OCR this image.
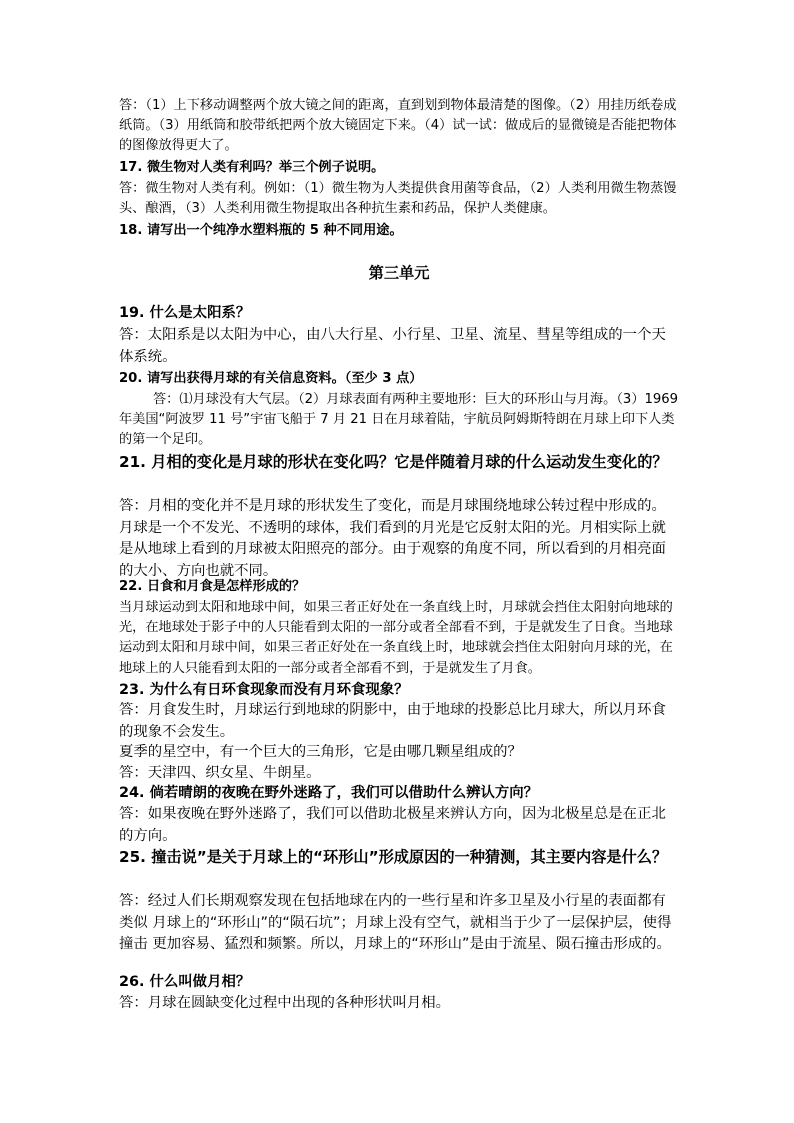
答：（1）上下移动调整两个放大镜之间的距离，直到划到物体最清楚的图像。（2）用挂历纸卷成纸筒。（3）用纸筒和胶带纸把两个放大镜固定下来。（4）试一试：做成后的显微镜是否能把物体的图像放得更大了。

17. 微生物对人类有利吗？举三个例子说明。

答：微生物对人类有利。例如：（1）微生物为人类提供食用菌等食品，（2）人类利用微生物蒸馒头、酿酒，（3）人类利用微生物提取出各种抗生素和药品，保护人类健康。

18. 请写出一个纯净水塑料瓶的 5 种不同用途。

第三单元

19. 什么是太阳系？

答：太阳系是以太阳为中心，由八大行星、小行星、卫星、流星、彗星等组成的一个天体系统。

20. 请写出获得月球的有关信息资料。（至少 3 点）

答：⑴月球没有大气层。（2）月球表面有两种主要地形：巨大的环形山与月海。（3）1969 年美国“阿波罗 11 号”宇宙飞船于 7 月 21 日在月球着陆，宇航员阿姆斯特朗在月球上印下人类的第一个足印。

21. 月相的变化是月球的形状在变化吗？它是伴随着月球的什么运动发生变化的？

答：月相的变化并不是月球的形状发生了变化，而是月球围绕地球公转过程中形成的。月球是一个不发光、不透明的球体，我们看到的月光是它反射太阳的光。月相实际上就是从地球上看到的月球被太阳照亮的部分。由于观察的角度不同，所以看到的月相亮面的大小、方向也就不同。

22. 日食和月食是怎样形成的？

当月球运动到太阳和地球中间，如果三者正好处在一条直线上时，月球就会挡住太阳射向地球的光，在地球处于影子中的人只能看到太阳的一部分或者全部看不到，于是就发生了日食。当地球运动到太阳和月球中间，如果三者正好处在一条直线上时，地球就会挡住太阳射向月球的光，在地球上的人只能看到太阳的一部分或者全部看不到，于是就发生了月食。

23. 为什么有日环食现象而没有月环食现象？

答：月食发生时，月球运行到地球的阴影中，由于地球的投影总比月球大，所以月环食的现象不会发生。

夏季的星空中，有一个巨大的三角形，它是由哪几颗星组成的？

答：天津四、织女星、牛朗星。

24. 倘若晴朗的夜晚在野外迷路了，我们可以借助什么辨认方向？

答：如果夜晚在野外迷路了，我们可以借助北极星来辨认方向，因为北极星总是在正北的方向。

25. 撞击说”是关于月球上的“环形山”形成原因的一种猜测，其主要内容是什么？

答：经过人们长期观察发现在包括地球在内的一些行星和许多卫星及小行星的表面都有类似 月球上的“环形山”的“陨石坑”；月球上没有空气，就相当于少了一层保护层，使得撞击 更加容易、猛烈和频繁。所以，月球上的“环形山”是由于流星、陨石撞击形成的。

26. 什么叫做月相？

答：月球在圆缺变化过程中出现的各种形状叫月相。
